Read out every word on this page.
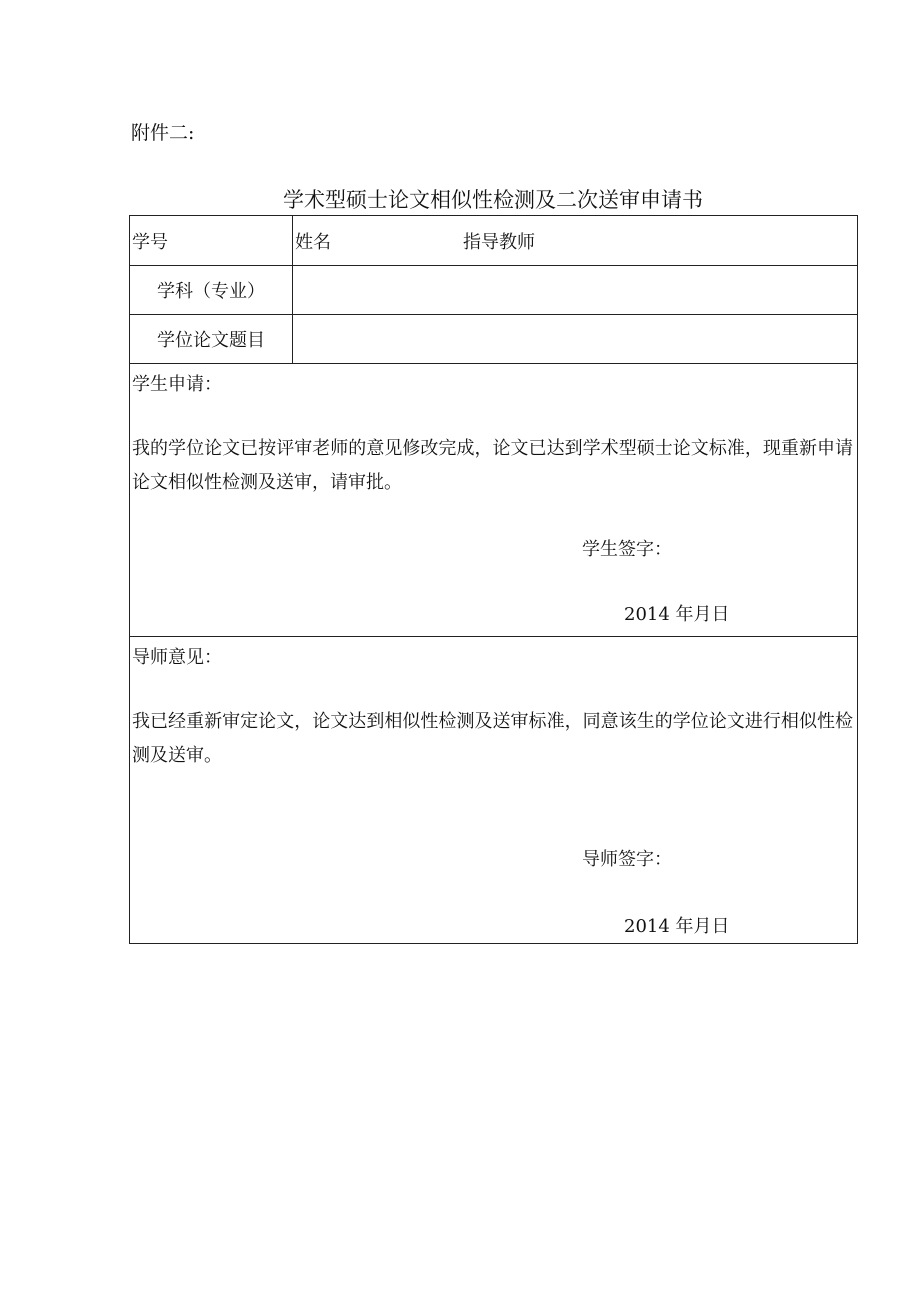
附件二:
学术型硕士论文相似性检测及二次送审申请书
学号	姓名 指导教师

学科（专业）	
学位论文题目	

学生申请：
我的学位论文已按评审老师的意见修改完成，论文已达到学术型硕士论文标准，现重新申请论文相似性检测及送审，请审批。
学生签字：
2014 年月日	

导师意见：
我已经重新审定论文，论文达到相似性检测及送审标准，同意该生的学位论文进行相似性检测及送审。
导师签字：
2014 年月日	
